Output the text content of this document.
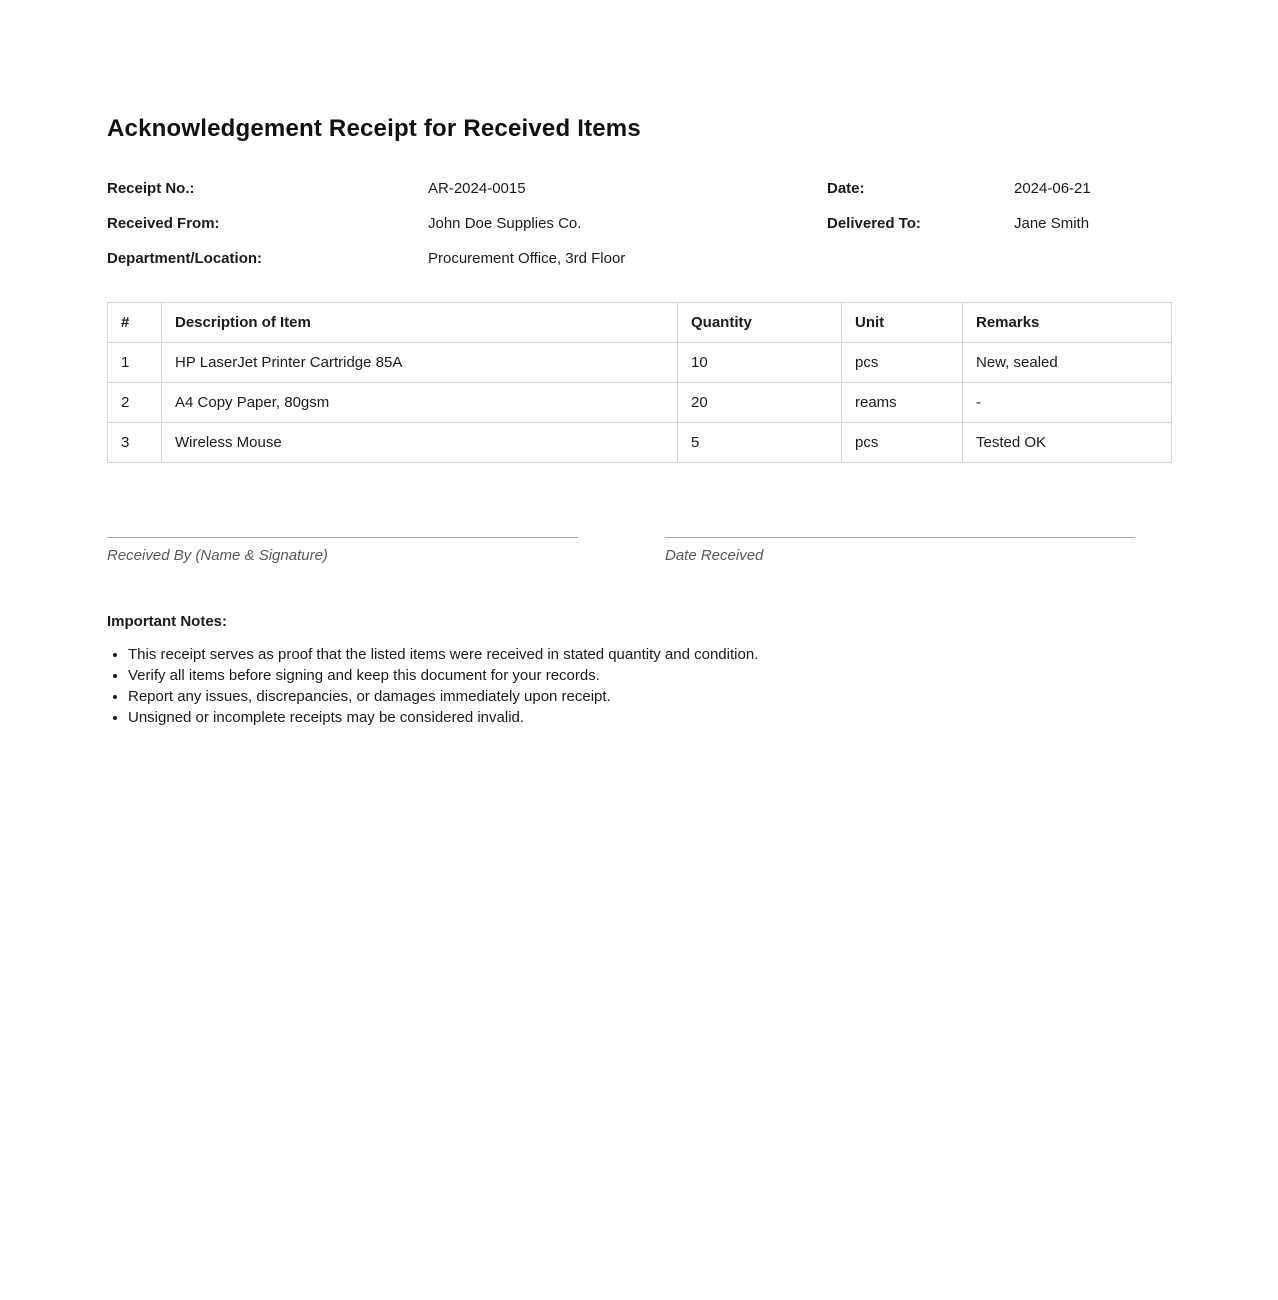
Acknowledgement Receipt for Received Items
Receipt No.:	AR-2024-0015	Date:	2024-06-21
Received From:	John Doe Supplies Co.	Delivered To:	Jane Smith
Department/Location:	Procurement Office, 3rd Floor
#	Description of Item	Quantity	Unit	Remarks
1	HP LaserJet Printer Cartridge 85A	10	pcs	New, sealed
2	A4 Copy Paper, 80gsm	20	reams	-
3	Wireless Mouse	5	pcs	Tested OK
Received By (Name & Signature)	Date Received

Important Notes:

• This receipt serves as proof that the listed items were received in stated quantity and condition.
• Verify all items before signing and keep this document for your records.
• Report any issues, discrepancies, or damages immediately upon receipt.
• Unsigned or incomplete receipts may be considered invalid.
